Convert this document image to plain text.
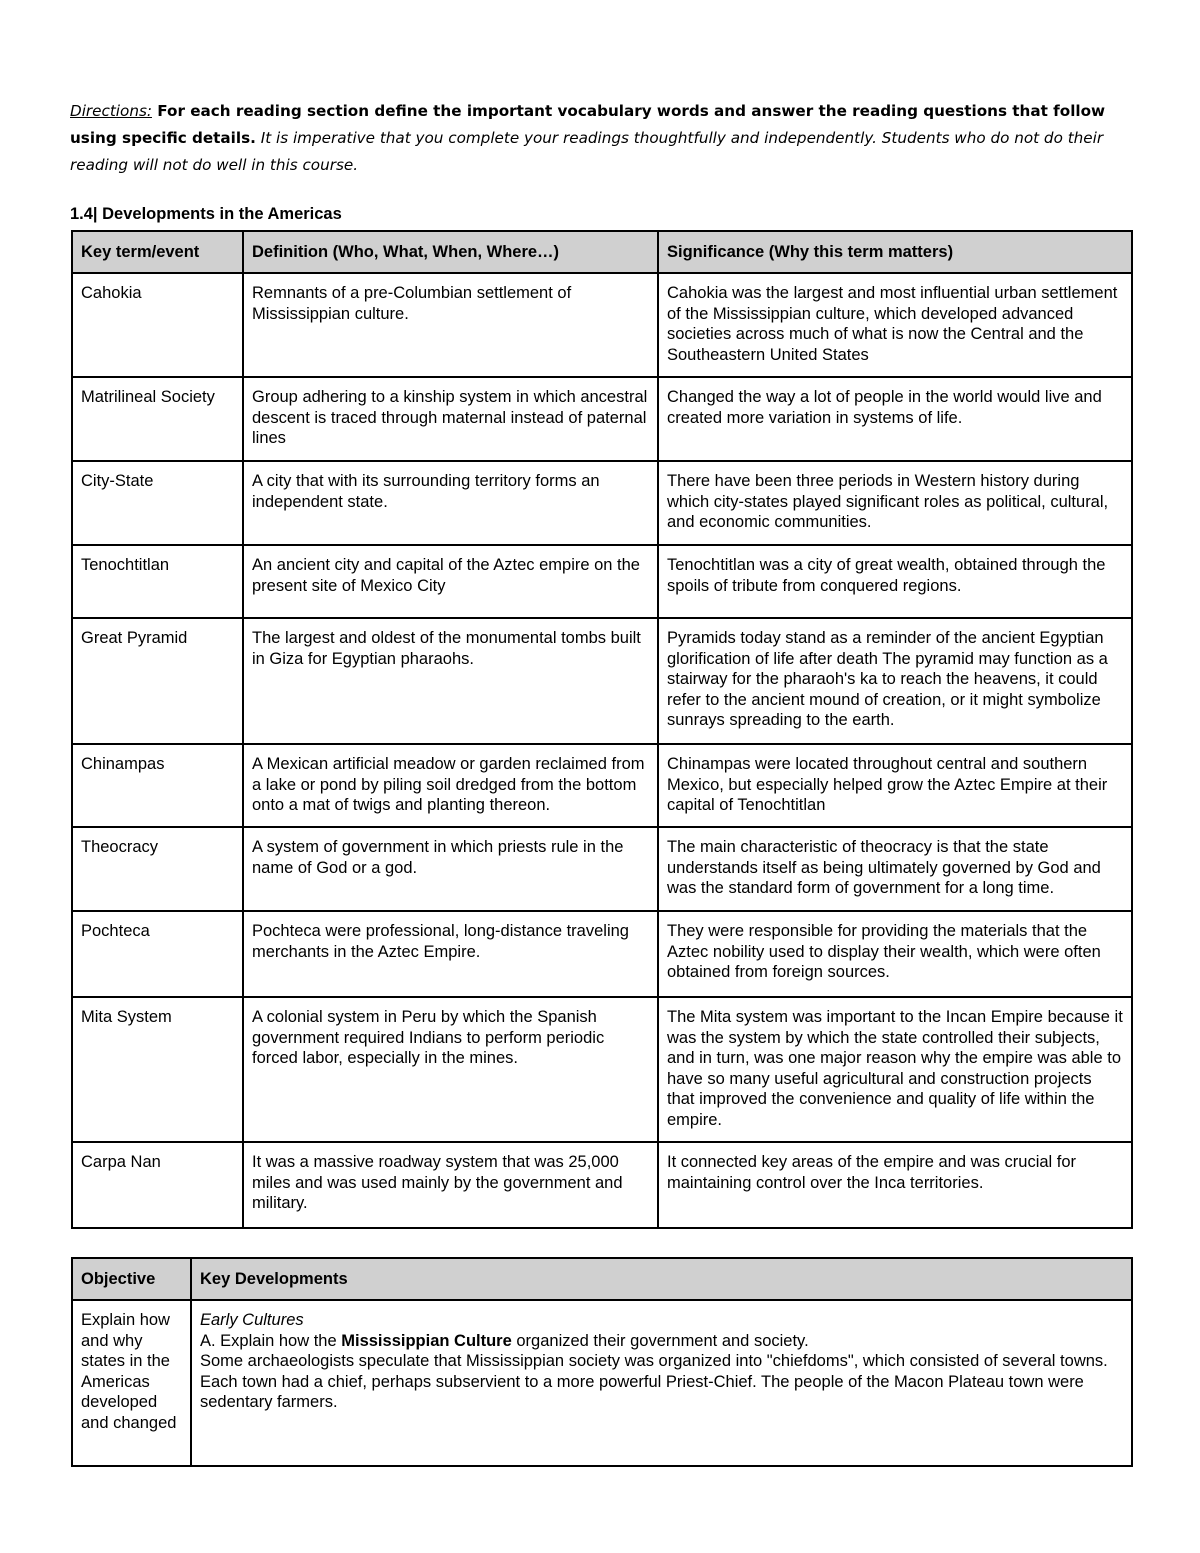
Directions: For each reading section define the important vocabulary words and answer the reading questions that follow using specific details. It is imperative that you complete your readings thoughtfully and independently. Students who do not do their reading will not do well in this course.
1.4| Developments in the Americas
Key term/event	Definition (Who, What, When, Where…)	Significance (Why this term matters)
Cahokia	Remnants of a pre-Columbian settlement of Mississippian culture.	Cahokia was the largest and most influential urban settlement of the Mississippian culture, which developed advanced societies across much of what is now the Central and the Southeastern United States
Matrilineal Society	Group adhering to a kinship system in which ancestral descent is traced through maternal instead of paternal lines	Changed the way a lot of people in the world would live and created more variation in systems of life.
City-State	A city that with its surrounding territory forms an independent state.	There have been three periods in Western history during which city-states played significant roles as political, cultural, and economic communities.
Tenochtitlan	An ancient city and capital of the Aztec empire on the present site of Mexico City	Tenochtitlan was a city of great wealth, obtained through the spoils of tribute from conquered regions.
Great Pyramid	The largest and oldest of the monumental tombs built in Giza for Egyptian pharaohs.	Pyramids today stand as a reminder of the ancient Egyptian glorification of life after death The pyramid may function as a stairway for the pharaoh's ka to reach the heavens, it could refer to the ancient mound of creation, or it might symbolize sunrays spreading to the earth.
Chinampas	A Mexican artificial meadow or garden reclaimed from a lake or pond by piling soil dredged from the bottom onto a mat of twigs and planting thereon.	Chinampas were located throughout central and southern Mexico, but especially helped grow the Aztec Empire at their capital of Tenochtitlan
Theocracy	A system of government in which priests rule in the name of God or a god.	The main characteristic of theocracy is that the state understands itself as being ultimately governed by God and was the standard form of government for a long time.
Pochteca	Pochteca were professional, long-distance traveling merchants in the Aztec Empire.	They were responsible for providing the materials that the Aztec nobility used to display their wealth, which were often obtained from foreign sources.
Mita System	A colonial system in Peru by which the Spanish government required Indians to perform periodic forced labor, especially in the mines.	The Mita system was important to the Incan Empire because it was the system by which the state controlled their subjects, and in turn, was one major reason why the empire was able to have so many useful agricultural and construction projects that improved the convenience and quality of life within the empire.
Carpa Nan	It was a massive roadway system that was 25,000 miles and was used mainly by the government and military.	It connected key areas of the empire and was crucial for maintaining control over the Inca territories.
Objective	Key Developments
Explain how and why states in the Americas developed and changed	Early Cultures
A. Explain how the Mississippian Culture organized their government and society.
Some archaeologists speculate that Mississippian society was organized into "chiefdoms", which consisted of several towns. Each town had a chief, perhaps subservient to a more powerful Priest-Chief. The people of the Macon Plateau town were sedentary farmers.
